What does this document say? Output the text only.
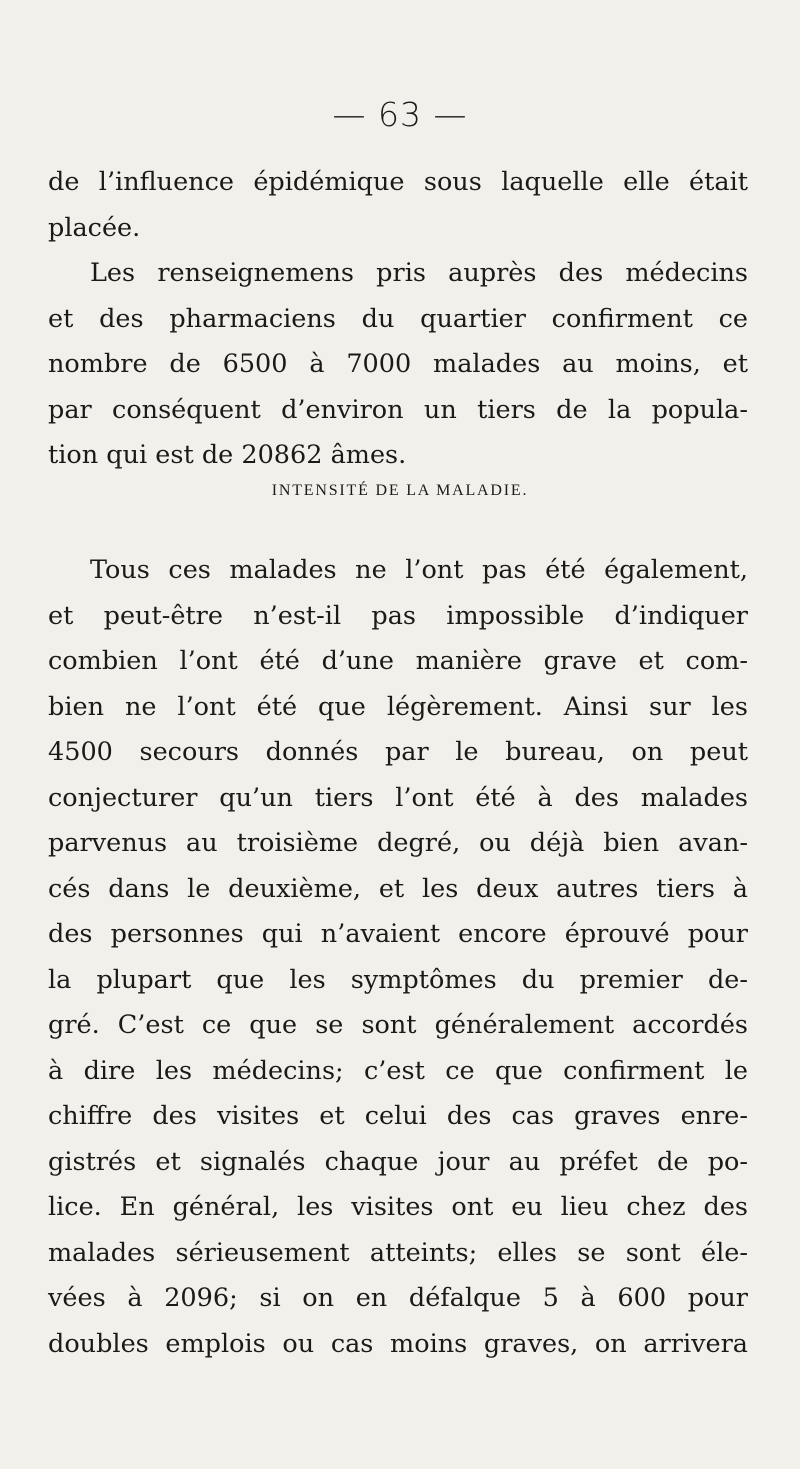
— 63 —
de l’influence épidémique sous laquelle elle était
placée.
Les renseignemens pris auprès des médecins
et des pharmaciens du quartier confirment ce
nombre de 6500 à 7000 malades au moins, et
par conséquent d’environ un tiers de la popula-
tion qui est de 20862 âmes.
INTENSITÉ DE LA MALADIE.
Tous ces malades ne l’ont pas été également,
et peut-être n’est-il pas impossible d’indiquer
combien l’ont été d’une manière grave et com-
bien ne l’ont été que légèrement. Ainsi sur les
4500 secours donnés par le bureau, on peut
conjecturer qu’un tiers l’ont été à des malades
parvenus au troisième degré, ou déjà bien avan-
cés dans le deuxième, et les deux autres tiers à
des personnes qui n’avaient encore éprouvé pour
la plupart que les symptômes du premier de-
gré. C’est ce que se sont généralement accordés
à dire les médecins; c’est ce que confirment le
chiffre des visites et celui des cas graves enre-
gistrés et signalés chaque jour au préfet de po-
lice. En général, les visites ont eu lieu chez des
malades sérieusement atteints; elles se sont éle-
vées à 2096; si on en défalque 5 à 600 pour
doubles emplois ou cas moins graves, on arrivera
